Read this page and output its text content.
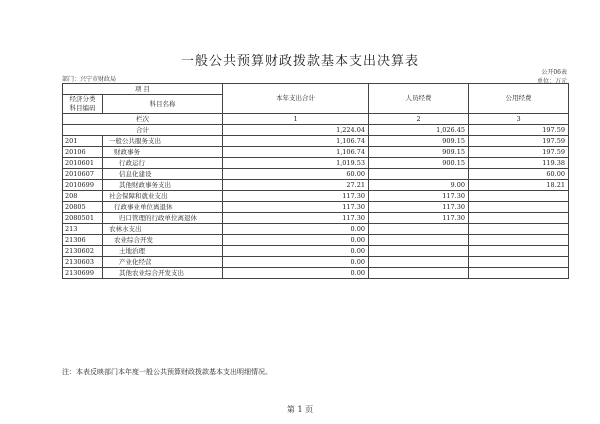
一般公共预算财政拨款基本支出决算表
公开06表
单位：万元
部门：兴宁市财政局
项 目		本年支出合计	人员经费	公用经费
经济分类
科目编码	科目名称			

栏次		1	2	3
合计		1,224.04	1,026.45	197.59
201	一般公共服务支出	1,106.74	909.15	197.59
20106	财政事务	1,106.74	909.15	197.59
2010601	行政运行	1,019.53	900.15	119.38
2010607	信息化建设	60.00		60.00
2010699	其他财政事务支出	27.21	9.00	18.21
208	社会保障和就业支出	117.30	117.30	
20805	行政事业单位离退休	117.30	117.30	
2080501	归口管理的行政单位离退休	117.30	117.30	
213	农林水支出	0.00		
21306	农业综合开发	0.00		
2130602	土地治理	0.00		
2130603	产业化经营	0.00		
2130699	其他农业综合开发支出	0.00		
注：本表反映部门本年度一般公共预算财政拨款基本支出明细情况。
第 1 页
